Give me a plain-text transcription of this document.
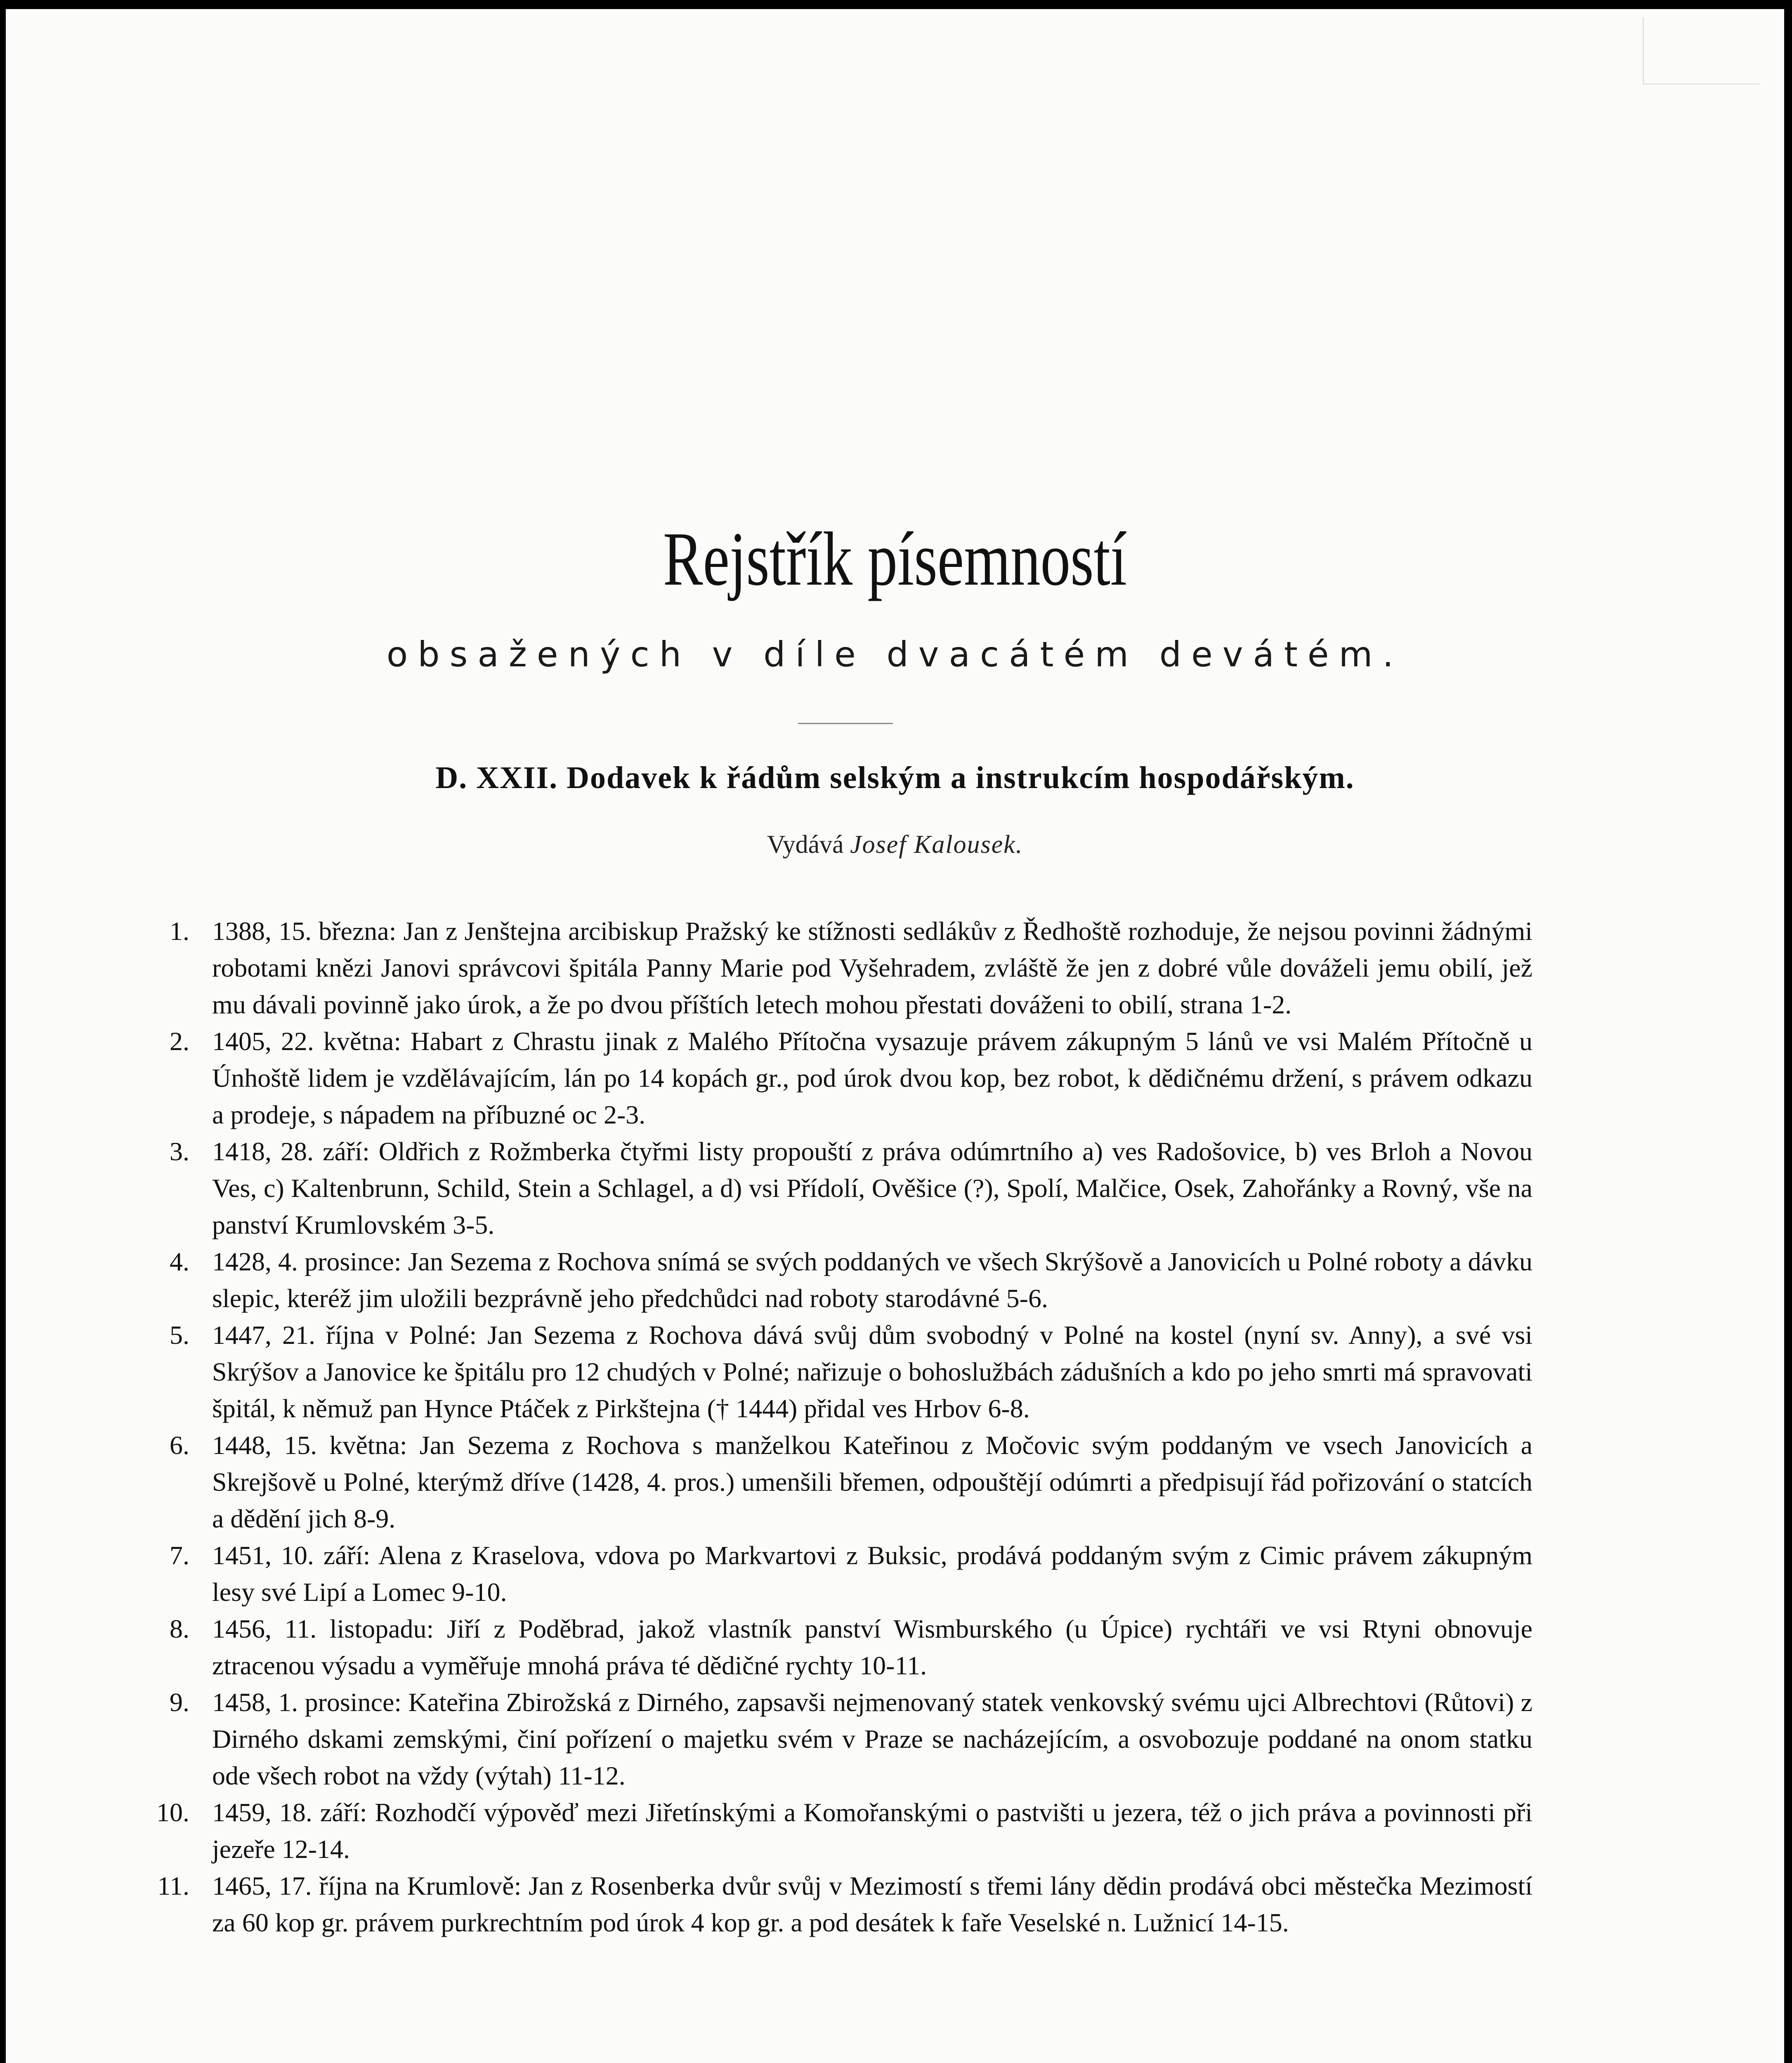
Rejstřík písemností
obsažených v díle dvacátém devátém.
D. XXII. Dodavek k řádům selským a instrukcím hospodářským.
Vydává Josef Kalousek.
1. 1388, 15. března: Jan z Jenštejna arcibiskup Pražský ke stížnosti sedlákův z Ředhoště rozhoduje, že nejsou povinni žádnými robotami knězi Janovi správcovi špitála Panny Marie pod Vyšehradem, zvláště že jen z dobré vůle dováželi jemu obilí, jež mu dávali povinně jako úrok, a že po dvou příštích letech mohou přestati dováženi to obilí, strana 1-2.
2. 1405, 22. května: Habart z Chrastu jinak z Malého Přítočna vysazuje právem zákupným 5 lánů ve vsi Malém Přítočně u Únhoště lidem je vzdělávajícím, lán po 14 kopách gr., pod úrok dvou kop, bez robot, k dědičnému držení, s právem odkazu a prodeje, s nápadem na příbuzné oc 2-3.
3. 1418, 28. září: Oldřich z Rožmberka čtyřmi listy propouští z práva odúmrtního a) ves Radošovice, b) ves Brloh a Novou Ves, c) Kaltenbrunn, Schild, Stein a Schlagel, a d) vsi Přídolí, Ověšice (?), Spolí, Malčice, Osek, Zahořánky a Rovný, vše na panství Krumlovském 3-5.
4. 1428, 4. prosince: Jan Sezema z Rochova snímá se svých poddaných ve všech Skrýšově a Janovicích u Polné roboty a dávku slepic, kteréž jim uložili bezprávně jeho předchůdci nad roboty starodávné 5-6.
5. 1447, 21. října v Polné: Jan Sezema z Rochova dává svůj dům svobodný v Polné na kostel (nyní sv. Anny), a své vsi Skrýšov a Janovice ke špitálu pro 12 chudých v Polné; nařizuje o bohoslužbách zádušních a kdo po jeho smrti má spravovati špitál, k němuž pan Hynce Ptáček z Pirkštejna († 1444) přidal ves Hrbov 6-8.
6. 1448, 15. května: Jan Sezema z Rochova s manželkou Kateřinou z Močovic svým poddaným ve vsech Janovicích a Skrejšově u Polné, kterýmž dříve (1428, 4. pros.) umenšili břemen, odpouštějí odúmrti a předpisují řád pořizování o statcích a dědění jich 8-9.
7. 1451, 10. září: Alena z Kraselova, vdova po Markvartovi z Buksic, prodává poddaným svým z Cimic právem zákupným lesy své Lipí a Lomec 9-10.
8. 1456, 11. listopadu: Jiří z Poděbrad, jakož vlastník panství Wismburského (u Úpice) rychtáři ve vsi Rtyni obnovuje ztracenou výsadu a vyměřuje mnohá práva té dědičné rychty 10-11.
9. 1458, 1. prosince: Kateřina Zbirožská z Dirného, zapsavši nejmenovaný statek venkovský svému ujci Albrechtovi (Růtovi) z Dirného dskami zemskými, činí pořízení o majetku svém v Praze se nacházejícím, a osvobozuje poddané na onom statku ode všech robot na vždy (výtah) 11-12.
10. 1459, 18. září: Rozhodčí výpověď mezi Jiřetínskými a Komořanskými o pastvišti u jezera, též o jich práva a povinnosti při jezeře 12-14.
11. 1465, 17. října na Krumlově: Jan z Rosenberka dvůr svůj v Mezimostí s třemi lány dědin prodává obci městečka Mezimostí za 60 kop gr. právem purkrechtním pod úrok 4 kop gr. a pod desátek k faře Veselské n. Lužnicí 14-15.
